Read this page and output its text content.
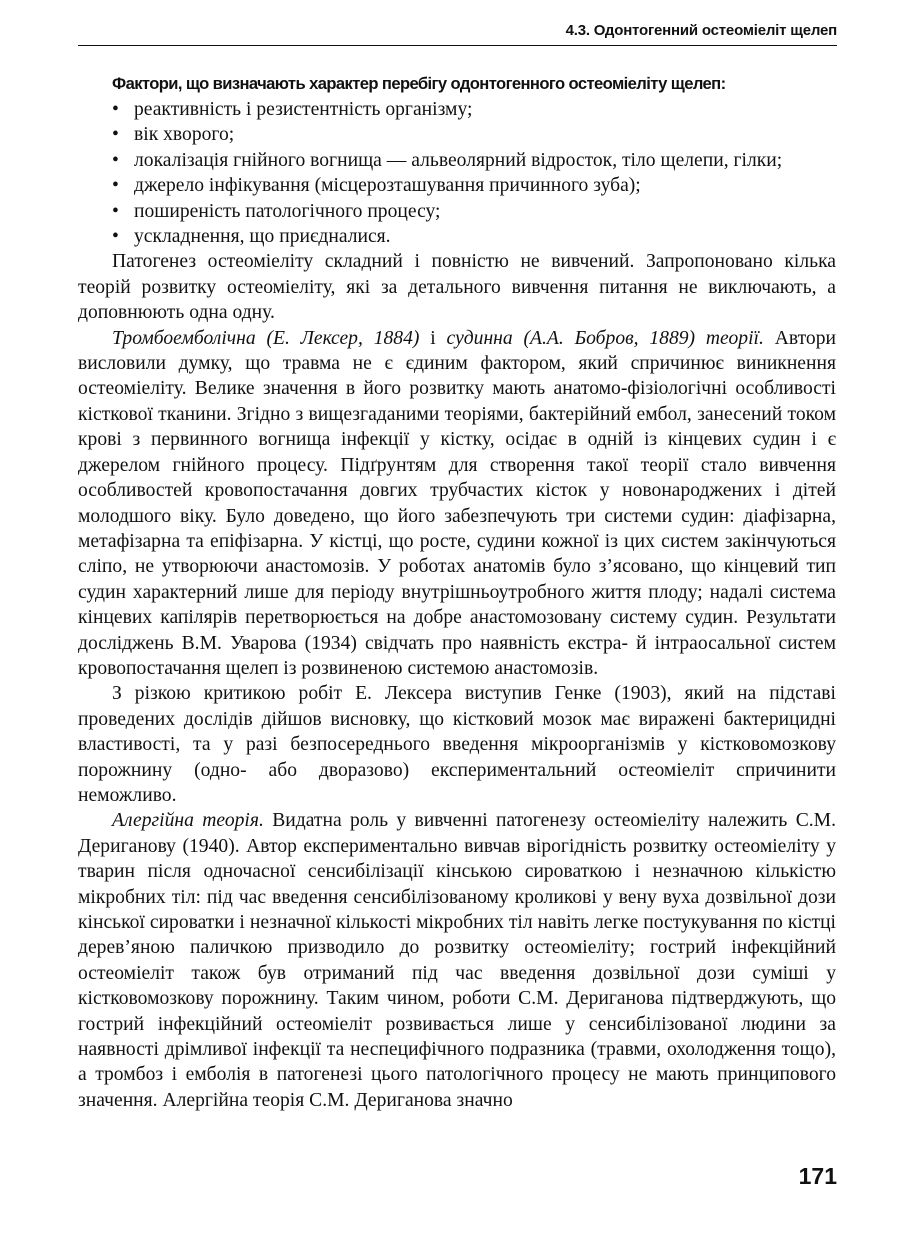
4.3. Одонтогенний остеоміеліт щелеп

Фактори, що визначають характер перебігу одонтогенного остеоміеліту щелеп:

• реактивність і резистентність організму;
• вік хворого;
• локалізація гнійного вогнища — альвеолярний відросток, тіло щелепи, гілки;
• джерело інфікування (місцерозташування причинного зуба);
• поширеність патологічного процесу;
• ускладнення, що приєдналися.

Патогенез остеоміеліту складний і повністю не вивчений. Запропоновано кілька теорій розвитку остеоміеліту, які за детального вивчення питання не виключають, а доповнюють одна одну.

Тромбоемболічна (Е. Лексер, 1884) і судинна (А.А. Бобров, 1889) теорії. Автори висловили думку, що травма не є єдиним фактором, який спричинює виникнення остеоміеліту. Велике значення в його розвитку мають анатомо-фізіологічні особливості кісткової тканини. Згідно з вищезгаданими теоріями, бактерійний ембол, занесений током крові з первинного вогнища інфекції у кістку, осідає в одній із кінцевих судин і є джерелом гнійного процесу. Підґрунтям для створення такої теорії стало вивчення особливостей кровопостачання довгих трубчастих кісток у новонароджених і дітей молодшого віку. Було доведено, що його забезпечують три системи судин: діафізарна, метафізарна та епіфізарна. У кістці, що росте, судини кожної із цих систем закінчуються сліпо, не утворюючи анастомозів. У роботах анатомів було з’ясовано, що кінцевий тип судин характерний лише для періоду внутрішньоутробного життя плоду; надалі система кінцевих капілярів перетворюється на добре анастомозовану систему судин. Результати досліджень В.М. Уварова (1934) свідчать про наявність екстра- й інтраосальної систем кровопостачання щелеп із розвиненою системою анастомозів.

З різкою критикою робіт Е. Лексера виступив Генке (1903), який на підставі проведених дослідів дійшов висновку, що кістковий мозок має виражені бактерицидні властивості, та у разі безпосереднього введення мікроорганізмів у кістковомозкову порожнину (одно- або дворазово) експериментальний остеоміеліт спричинити неможливо.

Алергійна теорія. Видатна роль у вивченні патогенезу остеоміеліту належить С.М. Дериганову (1940). Автор експериментально вивчав вірогідність розвитку остеоміеліту у тварин після одночасної сенсибілізації кінською сироваткою і незначною кількістю мікробних тіл: під час введення сенсибілізованому кроликові у вену вуха дозвільної дози кінської сироватки і незначної кількості мікробних тіл навіть легке постукування по кістці дерев’яною паличкою призводило до розвитку остеоміеліту; гострий інфекційний остеоміеліт також був отриманий під час введення дозвільної дози суміші у кістковомозкову порожнину. Таким чином, роботи С.М. Дериганова підтверджують, що гострий інфекційний остеоміеліт розвивається лише у сенсибілізованої людини за наявності дрімливої інфекції та неспецифічного подразника (травми, охолодження тощо), а тромбоз і емболія в патогенезі цього патологічного процесу не мають принципового значення. Алергійна теорія С.М. Дериганова значно

171
